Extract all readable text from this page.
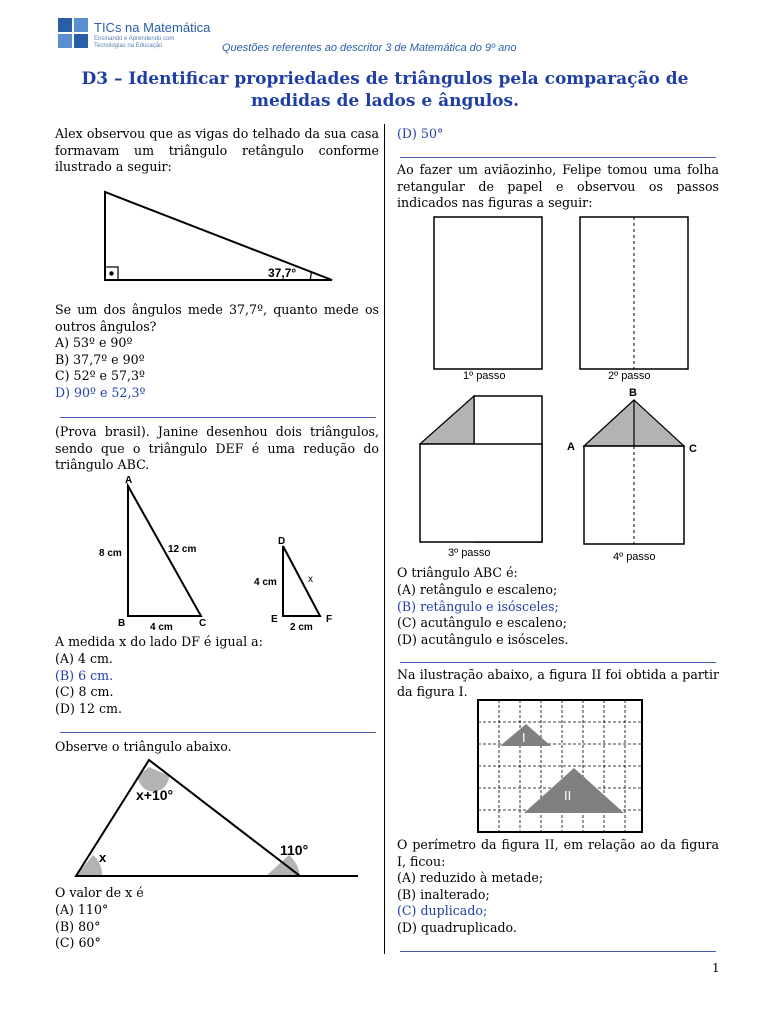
TICs na Matemática
Ensinando e Aprendendo com Tecnologias na Educação	Questões referentes ao descritor 3 de Matemática do 9º ano
D3 – Identificar propriedades de triângulos pela comparação de medidas de lados e ângulos.
Alex observou que as vigas do telhado da sua casa formavam um triângulo retângulo conforme ilustrado a seguir:
37,7°
Se um dos ângulos mede 37,7º, quanto mede os outros ângulos?
A) 53º e 90º
B) 37,7º e 90º
C) 52º e 57,3º
D) 90º e 52,3º
(Prova brasil). Janine desenhou dois triângulos, sendo que o triângulo DEF é uma redução do triângulo ABC.
A
B	C
8 cm	12 cm
4 cm
D
E	F
4 cm	x
2 cm
A medida x do lado DF é igual a:
(A) 4 cm.
(B) 6 cm.
(C) 8 cm.
(D) 12 cm.
Observe o triângulo abaixo.
x+10°
x	110°
O valor de x é
(A) 110°
(B) 80°
(C) 60°
(D) 50°
Ao fazer um aviãozinho, Felipe tomou uma folha retangular de papel e observou os passos indicados nas figuras a seguir:
1º passo	2º passo
3º passo
B
A	C
4º passo
O triângulo ABC é:
(A) retângulo e escaleno;
(B) retângulo e isósceles;
(C) acutângulo e escaleno;
(D) acutângulo e isósceles.
Na ilustração abaixo, a figura II foi obtida a partir da figura I.
I
II
O perímetro da figura II, em relação ao da figura I, ficou:
(A) reduzido à metade;
(B) inalterado;
(C) duplicado;
(D) quadruplicado.
1
